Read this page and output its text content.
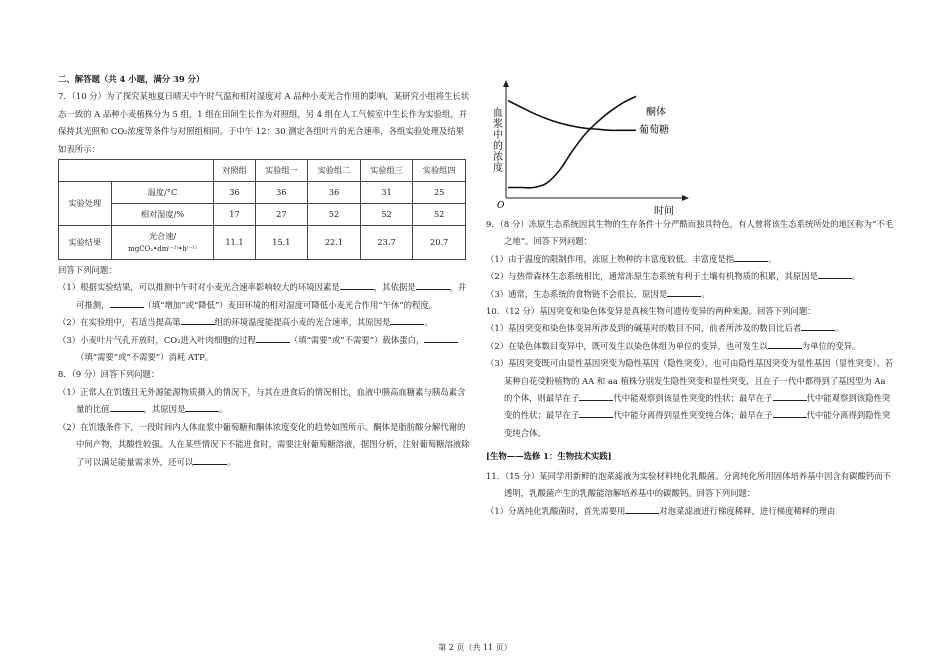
二、解答题（共 4 小题，满分 39 分）

7．（10 分）为了探究某地夏日晴天中午时气温和相对湿度对 A 品种小麦光合作用的影响，某研究小组将生长状态一致的 A 品种小麦植株分为 5 组，1 组在田间生长作为对照组，另 4 组在人工气候室中生长作为实验组，并保持其光照和 CO₂浓度等条件与对照组相同。于中午 12：30 测定各组叶片的光合速率，各组实验处理及结果如表所示：

		对照组	实验组一	实验组二	实验组三	实验组四
实验处理	温度/°C	36	36	36	31	25
	相对湿度/%	17	27	52	52	52
实验结果	光合速/
mgCO₂•dm⁽⁻²⁾•h⁽⁻¹⁾	11.1	15.1	22.1	23.7	20.7

回答下列问题：

（1）根据实验结果，可以推测中午时对小麦光合速率影响较大的环境因素是	，其依据是	，并可推测，	（填“增加”或“降低”）麦田环境的相对湿度可降低小麦光合作用“午休”的程度。

（2）在实验组中，若适当提高第	组的环境温度能提高小麦的光合速率，其原因是	。

（3）小麦叶片气孔开放时，CO₂进入叶肉细胞的过程	（填“需要”或“不需要”）载体蛋白，（填“需要”或“不需要”）消耗 ATP。

8．（9 分）回答下列问题：

（1）正常人在饥饿且无外源能源物质摄入的情况下，与其在进食后的情况相比，血液中胰高血糖素与胰岛素含量的比值	，其原因是	。

（2）在饥饿条件下，一段时间内人体血浆中葡萄糖和酮体浓度变化的趋势如图所示。酮体是脂肪酸分解代谢的中间产物，其酸性较强。人在某些情况下不能进食时，需要注射葡萄糖溶液，据图分析，注射葡萄糖溶液除了可以满足能量需求外，还可以	。

血浆中的浓度
时间
O
酮体
葡萄糖

9．（8 分）冻原生态系统因其生物的生存条件十分严酷而独具特色，有人曾将该生态系统所处的地区称为“不毛之地”。回答下列问题：

（1）由于温度的限制作用，冻原上物种的丰富度较低。丰富度是指	。

（2）与热带森林生态系统相比，通常冻原生态系统有利于土壤有机物质的积累，其原因是	。

（3）通常，生态系统的食物链不会很长，原因是	。

10．（12 分）基因突变和染色体变异是真核生物可遗传变异的两种来源。回答下列问题：

（1）基因突变和染色体变异所涉及到的碱基对的数目不同，前者所涉及的数目比后者	。

（2）在染色体数目变异中，既可发生以染色体组为单位的变异，也可发生以	为单位的变异。

（3）基因突变既可由显性基因突变为隐性基因（隐性突变），也可由隐性基因突变为显性基因（显性突变）。若某种自花受粉植物的 AA 和 aa 植株分别发生隐性突变和显性突变，且在子一代中都得到了基因型为 Aa 的个体，则最早在子	代中能观察到该显性突变的性状；最早在子	代中能观察到该隐性突变的性状；最早在子	代中能分离得到显性突变纯合体；最早在子	代中能分离得到隐性突变纯合体。

[生物——选修 1：生物技术实践]

11．（15 分）某同学用新鲜的泡菜滤液为实验材料纯化乳酸菌。分离纯化所用固体培养基中因含有碳酸钙而不透明，乳酸菌产生的乳酸能溶解培养基中的碳酸钙。回答下列问题：

（1）分离纯化乳酸菌时，首先需要用	对泡菜滤液进行梯度稀释，进行梯度稀释的理由

第 2 页（共 11 页）
